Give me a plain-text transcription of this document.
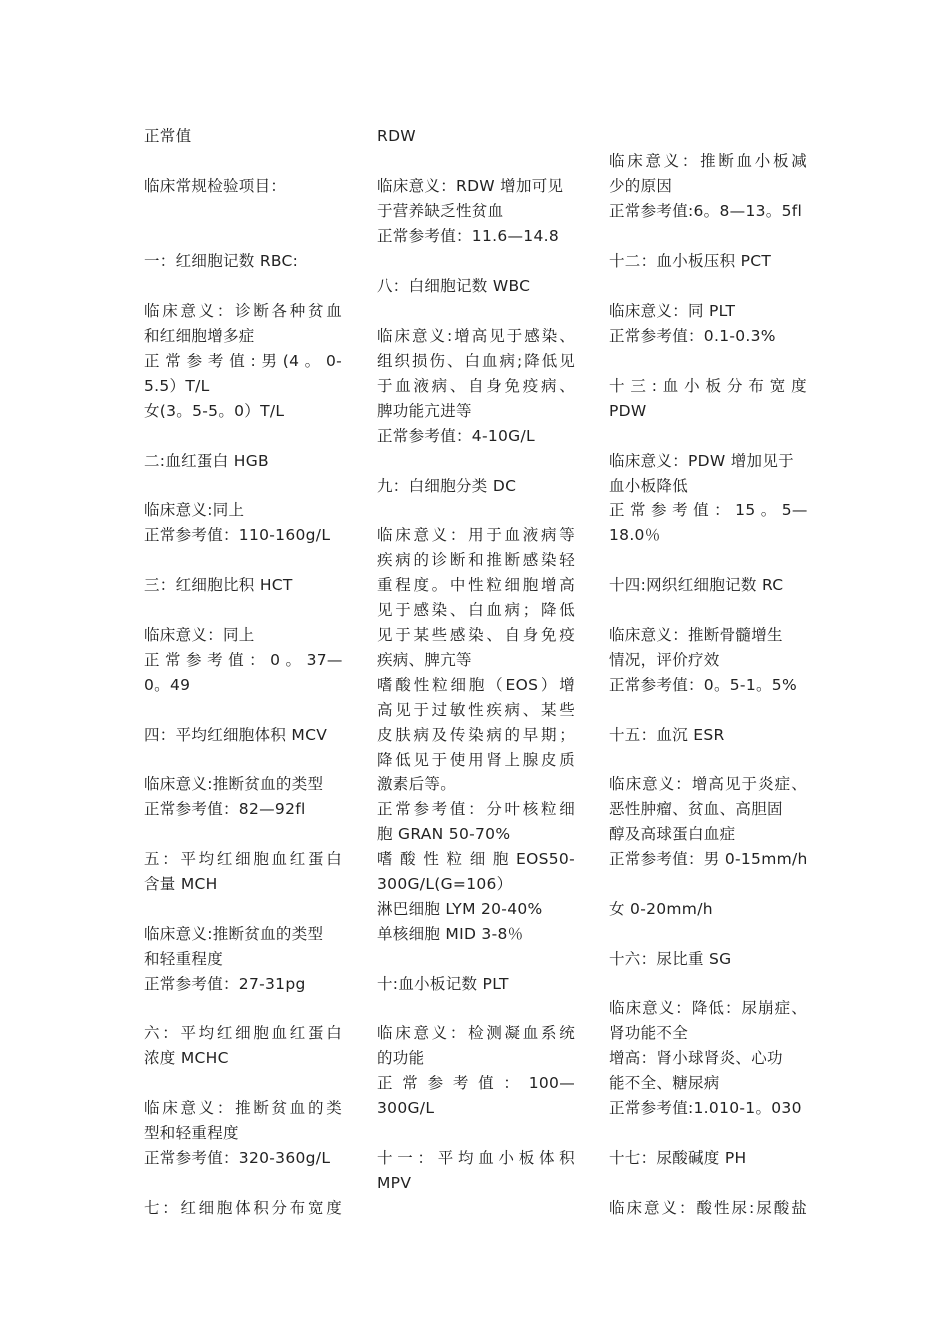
正常值
临床常规检验项目：
一：红细胞记数 RBC:
临床意义：诊断各种贫血
和红细胞增多症
正 常 参 考 值 : 男 (4 。 0-
5.5）T/L
女(3。5-5。0）T/L
二:血红蛋白 HGB
临床意义:同上
正常参考值：110-160g/L
三：红细胞比积 HCT
临床意义：同上
正 常 参 考 值 ： 0 。 37—
0。49
四：平均红细胞体积 MCV
临床意义:推断贫血的类型
正常参考值：82—92fl
五：平均红细胞血红蛋白
含量 MCH
临床意义:推断贫血的类型
和轻重程度
正常参考值：27-31pg
六：平均红细胞血红蛋白
浓度 MCHC
临床意义：推断贫血的类
型和轻重程度
正常参考值：320-360g/L
七：红细胞体积分布宽度
RDW
临床意义：RDW 增加可见
于营养缺乏性贫血
正常参考值：11.6—14.8
八：白细胞记数 WBC
临床意义:增高见于感染、
组织损伤、白血病;降低见
于血液病、自身免疫病、
脾功能亢进等
正常参考值：4-10G/L
九：白细胞分类 DC
临床意义：用于血液病等
疾病的诊断和推断感染轻
重程度。中性粒细胞增高
见于感染、白血病；降低
见于某些感染、自身免疫
疾病、脾亢等
嗜酸性粒细胞（EOS）增
高见于过敏性疾病、某些
皮肤病及传染病的早期；
降低见于使用肾上腺皮质
激素后等。
正常参考值：分叶核粒细
胞 GRAN 50-70%
嗜 酸 性 粒 细 胞 EOS50-
300G/L(G=106）
淋巴细胞 LYM 20-40%
单核细胞 MID 3-8％
十:血小板记数 PLT
临床意义：检测凝血系统
的功能
正 常 参 考 值 ： 100—
300G/L
十一：平均血小板体积
MPV
临床意义：推断血小板减
少的原因
正常参考值:6。8—13。5fl
十二：血小板压积 PCT
临床意义：同 PLT
正常参考值：0.1-0.3%
十 三 : 血 小 板 分 布 宽 度
PDW
临床意义：PDW 增加见于
血小板降低
正 常 参 考 值 ： 15 。 5—
18.0％
十四:网织红细胞记数 RC
临床意义：推断骨髓增生
情况，评价疗效
正常参考值：0。5-1。5%
十五：血沉 ESR
临床意义：增高见于炎症、
恶性肿瘤、贫血、高胆固
醇及高球蛋白血症
正常参考值：男 0-15mm/h
女 0-20mm/h
十六：尿比重 SG
临床意义：降低：尿崩症、
肾功能不全
增高：肾小球肾炎、心功
能不全、糖尿病
正常参考值:1.010-1。030
十七：尿酸碱度 PH
临床意义：酸性尿:尿酸盐
